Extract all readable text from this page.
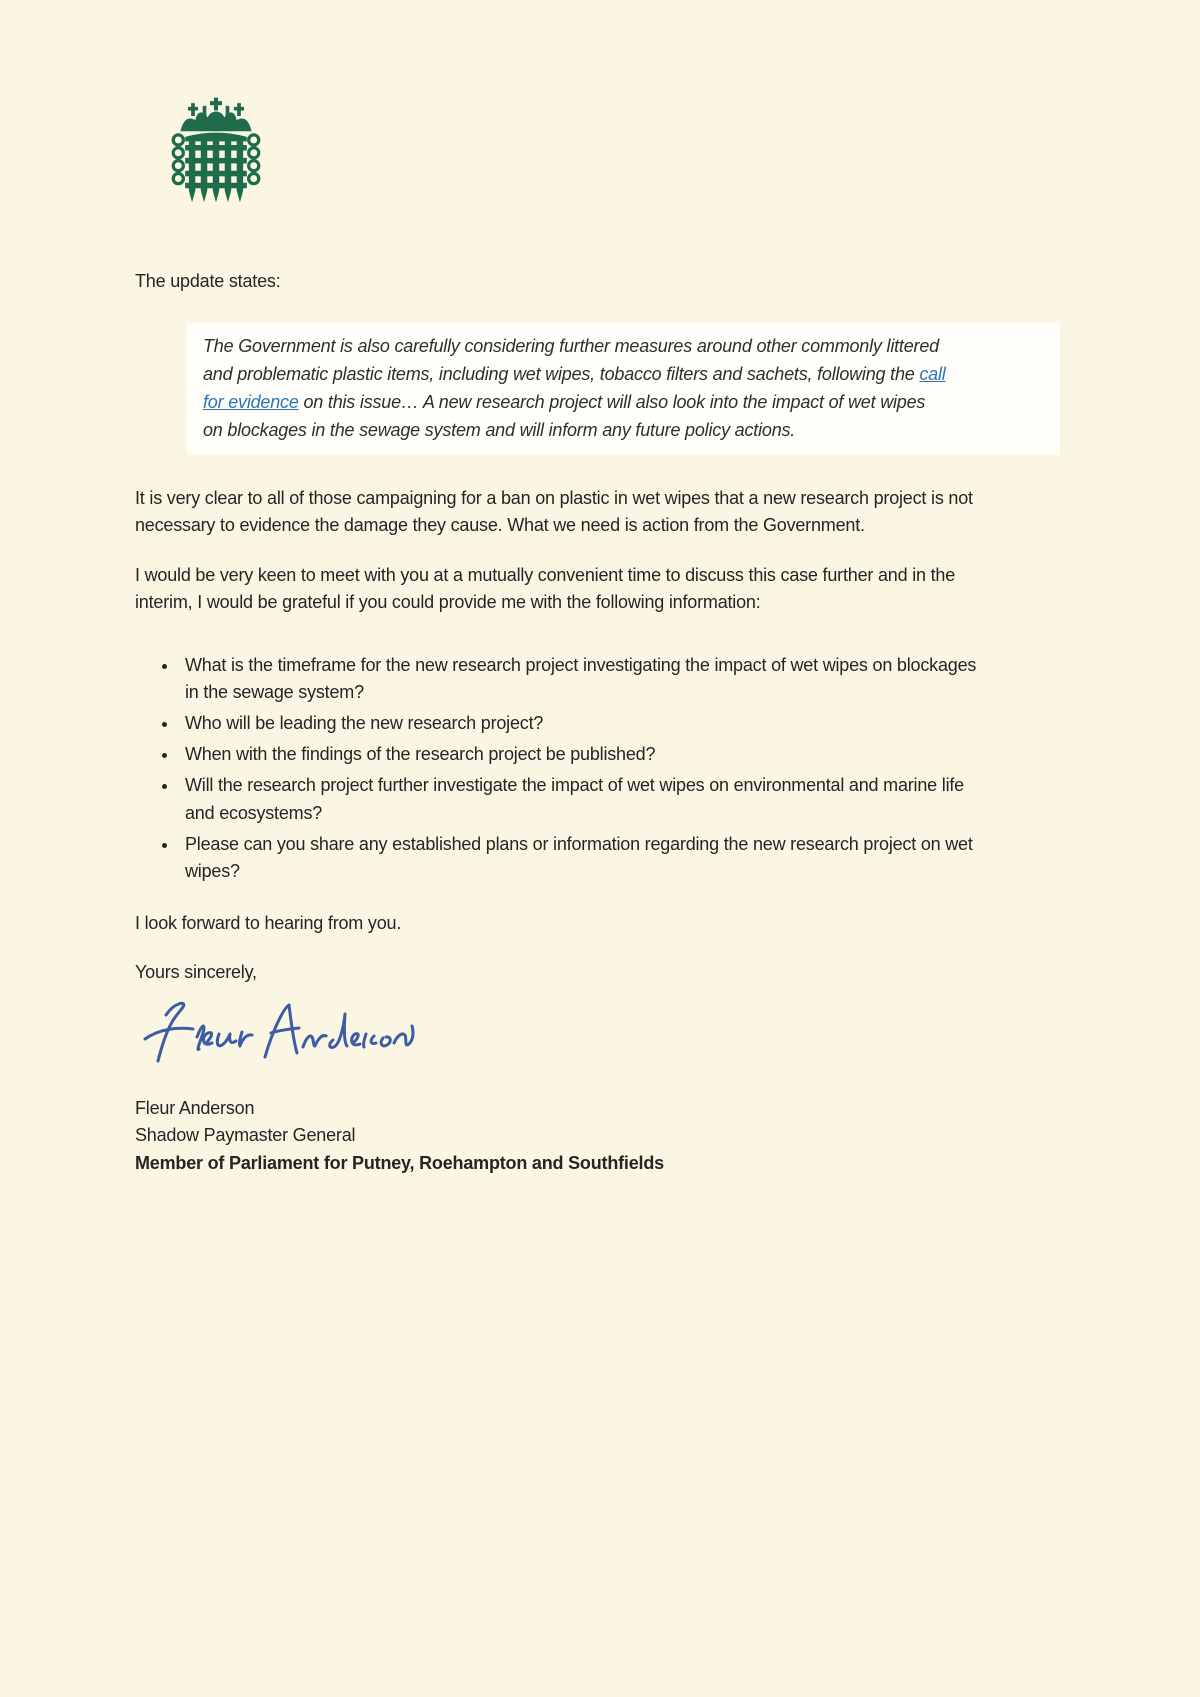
The update states:

The Government is also carefully considering further measures around other commonly littered and problematic plastic items, including wet wipes, tobacco filters and sachets, following the call for evidence on this issue… A new research project will also look into the impact of wet wipes on blockages in the sewage system and will inform any future policy actions.

It is very clear to all of those campaigning for a ban on plastic in wet wipes that a new research project is not necessary to evidence the damage they cause. What we need is action from the Government.

I would be very keen to meet with you at a mutually convenient time to discuss this case further and in the interim, I would be grateful if you could provide me with the following information:

• What is the timeframe for the new research project investigating the impact of wet wipes on blockages in the sewage system?
• Who will be leading the new research project?
• When with the findings of the research project be published?
• Will the research project further investigate the impact of wet wipes on environmental and marine life and ecosystems?
• Please can you share any established plans or information regarding the new research project on wet wipes?

I look forward to hearing from you.

Yours sincerely,

Fleur Anderson
Shadow Paymaster General
Member of Parliament for Putney, Roehampton and Southfields
